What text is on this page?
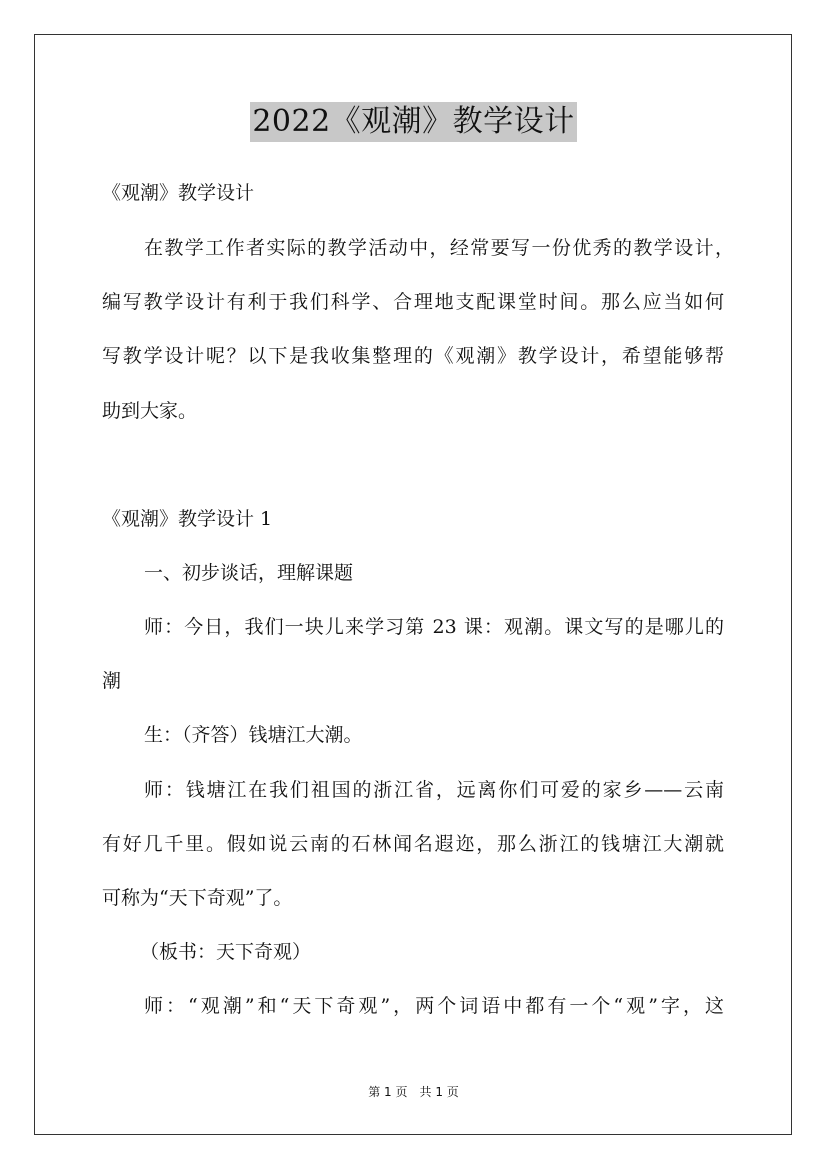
2022《观潮》教学设计
《观潮》教学设计
在教学工作者实际的教学活动中，经常要写一份优秀的教学设计，
编写教学设计有利于我们科学、合理地支配课堂时间。那么应当如何
写教学设计呢？以下是我收集整理的《观潮》教学设计，希望能够帮
助到大家。
《观潮》教学设计 1
一、初步谈话，理解课题
师：今日，我们一块儿来学习第 23 课：观潮。课文写的是哪儿的
潮
生：（齐答）钱塘江大潮。
师：钱塘江在我们祖国的浙江省，远离你们可爱的家乡——云南
有好几千里。假如说云南的石林闻名遐迩，那么浙江的钱塘江大潮就
可称为“天下奇观”了。
（板书：天下奇观）
师：“观潮”和“天下奇观”，两个词语中都有一个“观”字，这
第 1 页　共 1 页
